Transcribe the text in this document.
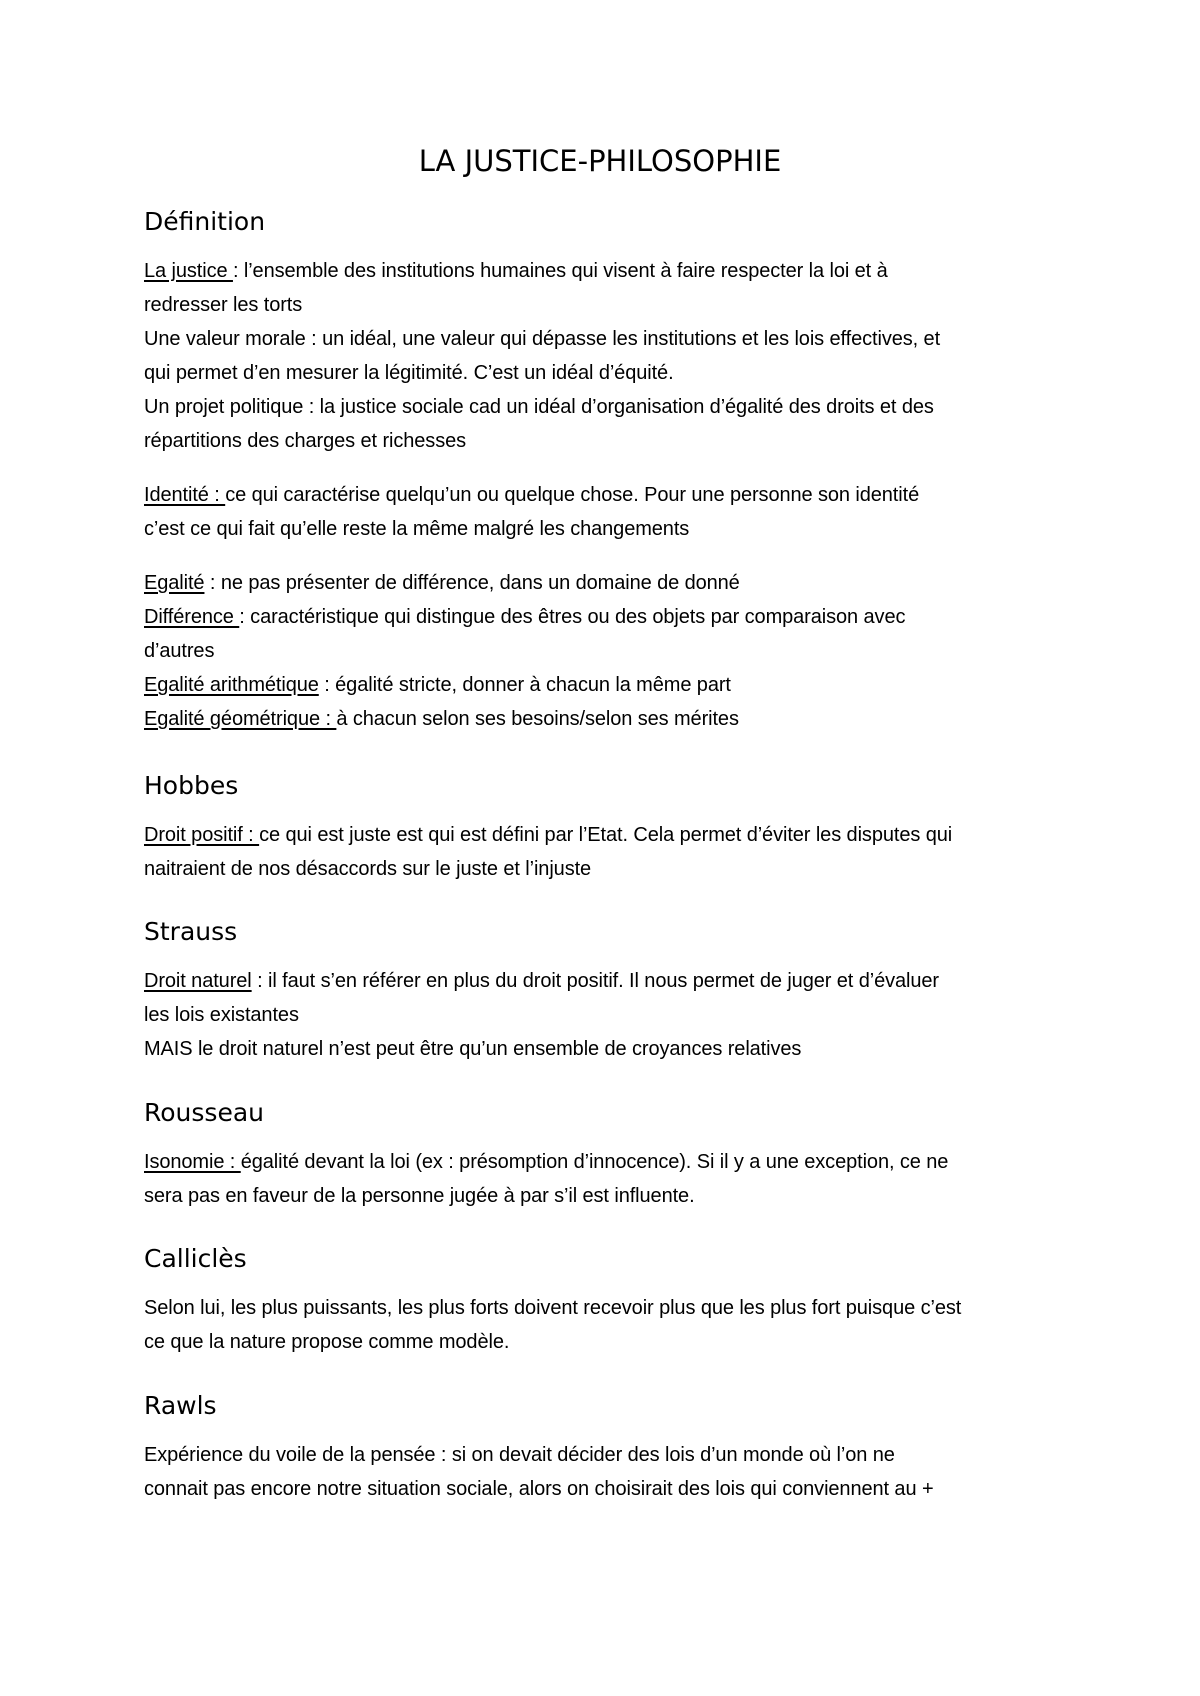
LA JUSTICE-PHILOSOPHIE
Définition
La justice : l’ensemble des institutions humaines qui visent à faire respecter la loi et à
redresser les torts
Une valeur morale : un idéal, une valeur qui dépasse les institutions et les lois effectives, et
qui permet d’en mesurer la légitimité. C’est un idéal d’équité.
Un projet politique : la justice sociale cad un idéal d’organisation d’égalité des droits et des
répartitions des charges et richesses
Identité : ce qui caractérise quelqu’un ou quelque chose. Pour une personne son identité
c’est ce qui fait qu’elle reste la même malgré les changements
Egalité : ne pas présenter de différence, dans un domaine de donné
Différence : caractéristique qui distingue des êtres ou des objets par comparaison avec
d’autres
Egalité arithmétique : égalité stricte, donner à chacun la même part
Egalité géométrique : à chacun selon ses besoins/selon ses mérites
Hobbes
Droit positif : ce qui est juste est qui est défini par l’Etat. Cela permet d’éviter les disputes qui
naitraient de nos désaccords sur le juste et l’injuste
Strauss
Droit naturel : il faut s’en référer en plus du droit positif. Il nous permet de juger et d’évaluer
les lois existantes
MAIS le droit naturel n’est peut être qu’un ensemble de croyances relatives
Rousseau
Isonomie : égalité devant la loi (ex : présomption d’innocence). Si il y a une exception, ce ne
sera pas en faveur de la personne jugée à par s’il est influente.
Calliclès
Selon lui, les plus puissants, les plus forts doivent recevoir plus que les plus fort puisque c’est
ce que la nature propose comme modèle.
Rawls
Expérience du voile de la pensée : si on devait décider des lois d’un monde où l’on ne
connait pas encore notre situation sociale, alors on choisirait des lois qui conviennent au +
